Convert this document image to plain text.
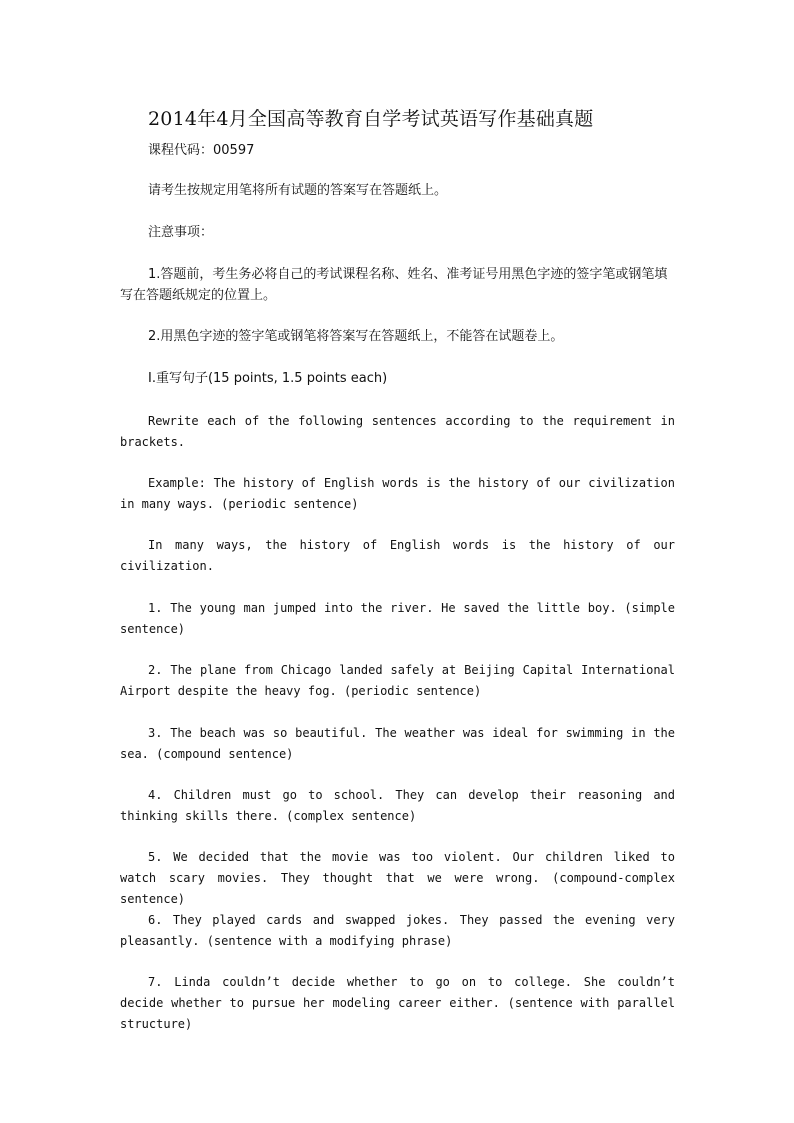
2014年4月全国高等教育自学考试英语写作基础真题
课程代码：00597
请考生按规定用笔将所有试题的答案写在答题纸上。
注意事项：
1.答题前，考生务必将自己的考试课程名称、姓名、准考证号用黑色字迹的签字笔或钢笔填写在答题纸规定的位置上。
2.用黑色字迹的签字笔或钢笔将答案写在答题纸上，不能答在试题卷上。
I.重写句子(15 points, 1.5 points each)
Rewrite each of the following sentences according to the requirement in brackets.
Example: The history of English words is the history of our civilization in many ways. (periodic sentence)
In many ways, the history of English words is the history of our civilization.
1. The young man jumped into the river. He saved the little boy. (simple sentence)
2. The plane from Chicago landed safely at Beijing Capital International Airport despite the heavy fog. (periodic sentence)
3. The beach was so beautiful. The weather was ideal for swimming in the sea. (compound sentence)
4. Children must go to school. They can develop their reasoning and thinking skills there. (complex sentence)
5. We decided that the movie was too violent. Our children liked to watch scary movies. They thought that we were wrong. (compound-complex sentence)
6. They played cards and swapped jokes. They passed the evening very pleasantly. (sentence with a modifying phrase)
7. Linda couldn’t decide whether to go on to college. She couldn’t decide whether to pursue her modeling career either. (sentence with parallel structure)
